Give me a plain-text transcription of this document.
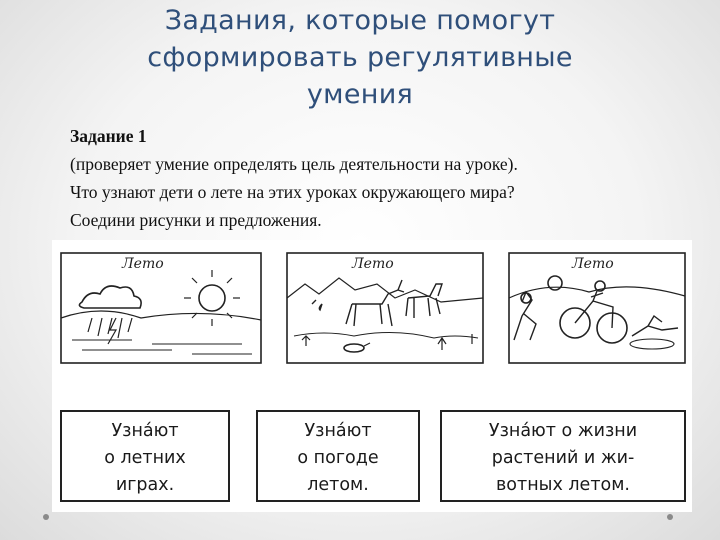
Задания, которые помогут
сформировать регулятивные
умения
Задание 1
(проверяет умение определять цель деятельности на уроке).
Что узнают дети о лете на этих уроках окружающего мира?
Соедини рисунки и предложения.
Лето	Лето	Лето
Узна́ют
о летних
играх.
Узна́ют
о погоде
летом.
Узна́ют о жизни
растений и жи-
вотных летом.
